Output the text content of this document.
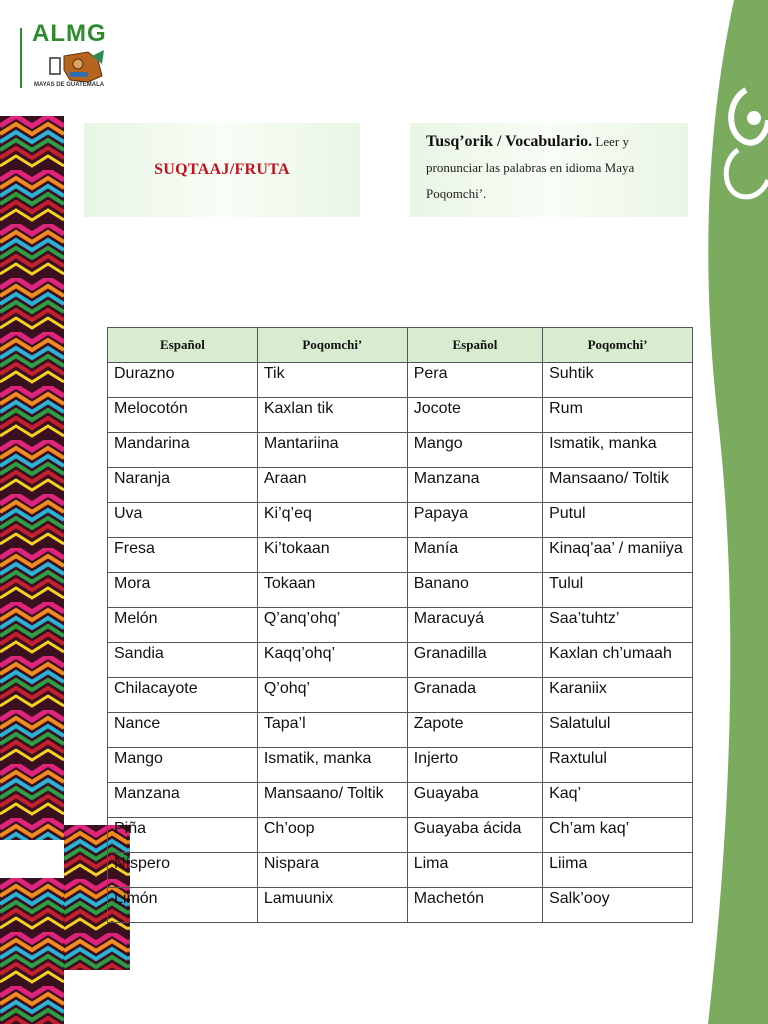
ALMG
MAYAS DE GUATEMALA
SUQTAAJ/FRUTA
Tusq’orik / Vocabulario. Leer y pronunciar las palabras en idioma Maya Poqomchi’.
Español	Poqomchi’	Español	Poqomchi’
Durazno	Tik	Pera	Suhtik
Melocotón	Kaxlan tik	Jocote	Rum
Mandarina	Mantariina	Mango	Ismatik, manka
Naranja	Araan	Manzana	Mansaano/ Toltik
Uva	Ki’q’eq	Papaya	Putul
Fresa	Ki’tokaan	Manía	Kinaq’aa’ / maniiya
Mora	Tokaan	Banano	Tulul
Melón	Q’anq’ohq’	Maracuyá	Saa’tuhtz’
Sandia	Kaqq’ohq’	Granadilla	Kaxlan ch’umaah
Chilacayote	Q’ohq’	Granada	Karaniix
Nance	Tapa’l	Zapote	Salatulul
Mango	Ismatik, manka	Injerto	Raxtulul
Manzana	Mansaano/ Toltik	Guayaba	Kaq’
Piña	Ch’oop	Guayaba ácida	Ch’am kaq’
Níspero	Nispara	Lima	Liima
Limón	Lamuunix	Machetón	Salk’ooy
